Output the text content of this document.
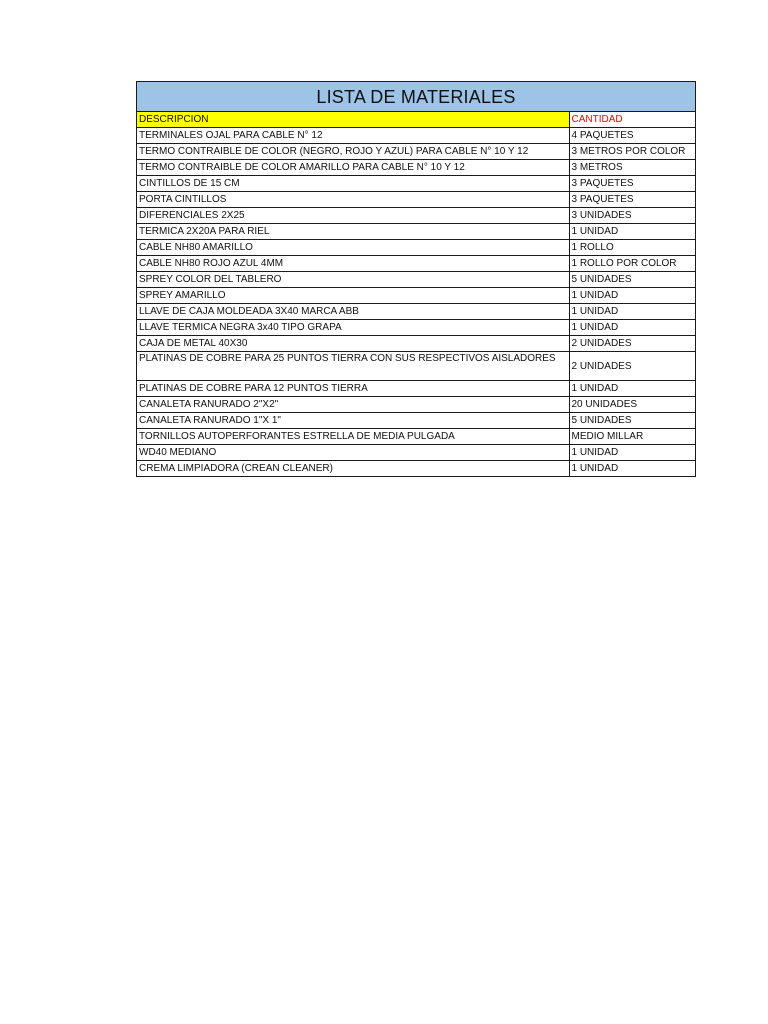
LISTA DE MATERIALES
DESCRIPCION	CANTIDAD
TERMINALES OJAL PARA CABLE N° 12	4 PAQUETES
TERMO CONTRAIBLE DE COLOR (NEGRO, ROJO Y AZUL) PARA CABLE N° 10 Y 12	3 METROS POR COLOR
TERMO CONTRAIBLE DE COLOR AMARILLO PARA CABLE N° 10 Y 12	3 METROS
CINTILLOS DE 15 CM	3 PAQUETES
PORTA CINTILLOS	3 PAQUETES
DIFERENCIALES 2X25	3 UNIDADES
TERMICA 2X20A PARA RIEL	1 UNIDAD
CABLE NH80 AMARILLO	1 ROLLO
CABLE NH80 ROJO AZUL 4MM	1 ROLLO POR COLOR
SPREY COLOR DEL TABLERO	5 UNIDADES
SPREY AMARILLO	1 UNIDAD
LLAVE DE CAJA MOLDEADA 3X40 MARCA ABB	1 UNIDAD
LLAVE TERMICA NEGRA 3x40 TIPO GRAPA	1 UNIDAD
CAJA DE METAL 40X30	2 UNIDADES
PLATINAS DE COBRE PARA 25 PUNTOS TIERRA CON SUS RESPECTIVOS AISLADORES	2 UNIDADES
PLATINAS DE COBRE PARA 12 PUNTOS TIERRA	1 UNIDAD
CANALETA RANURADO 2"X2"	20 UNIDADES
CANALETA RANURADO 1"X 1"	5 UNIDADES
TORNILLOS AUTOPERFORANTES ESTRELLA DE MEDIA PULGADA	MEDIO MILLAR
WD40 MEDIANO	1 UNIDAD
CREMA LIMPIADORA (CREAN CLEANER)	1 UNIDAD
